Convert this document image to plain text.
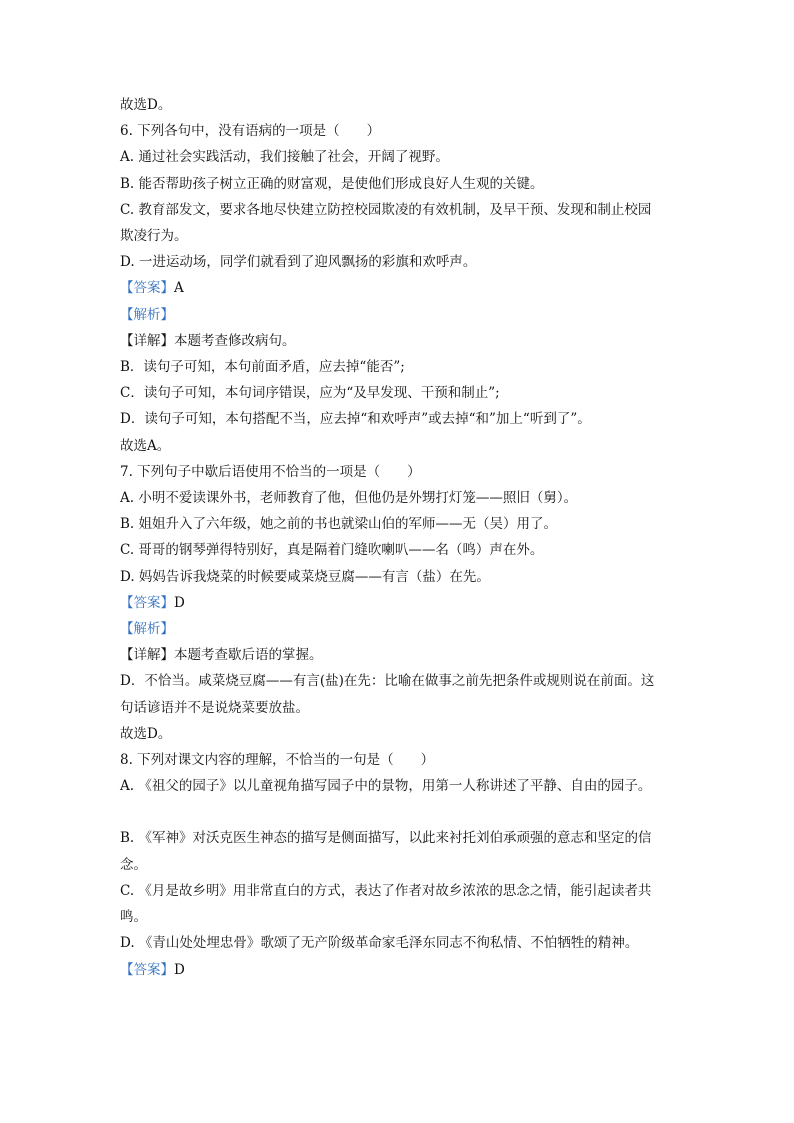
故选D。
6. 下列各句中，没有语病的一项是（　　）
A. 通过社会实践活动，我们接触了社会，开阔了视野。
B. 能否帮助孩子树立正确的财富观，是使他们形成良好人生观的关键。
C. 教育部发文，要求各地尽快建立防控校园欺凌的有效机制，及早干预、发现和制止校园
欺凌行为。
D. 一进运动场，同学们就看到了迎风飘扬的彩旗和欢呼声。
【答案】A
【解析】
【详解】本题考查修改病句。
B．读句子可知，本句前面矛盾，应去掉“能否”;
C．读句子可知，本句词序错误，应为“及早发现、干预和制止”;
D．读句子可知，本句搭配不当，应去掉“和欢呼声”或去掉“和”加上“听到了”。
故选A。
7. 下列句子中歇后语使用不恰当的一项是（　　）
A. 小明不爱读课外书，老师教育了他，但他仍是外甥打灯笼——照旧（舅）。
B. 姐姐升入了六年级，她之前的书也就梁山伯的军师——无（吴）用了。
C. 哥哥的钢琴弹得特别好，真是隔着门缝吹喇叭——名（鸣）声在外。
D. 妈妈告诉我烧菜的时候要咸菜烧豆腐——有言（盐）在先。
【答案】D
【解析】
【详解】本题考查歇后语的掌握。
D．不恰当。咸菜烧豆腐——有言(盐)在先：比喻在做事之前先把条件或规则说在前面。这
句话谚语并不是说烧菜要放盐。
故选D。
8. 下列对课文内容的理解，不恰当的一句是（　　）
A. 《祖父的园子》以儿童视角描写园子中的景物，用第一人称讲述了平静、自由的园子。
B. 《军神》对沃克医生神态的描写是侧面描写，以此来衬托刘伯承顽强的意志和坚定的信
念。
C. 《月是故乡明》用非常直白的方式，表达了作者对故乡浓浓的思念之情，能引起读者共
鸣。
D. 《青山处处埋忠骨》歌颂了无产阶级革命家毛泽东同志不徇私情、不怕牺牲的精神。
【答案】D
